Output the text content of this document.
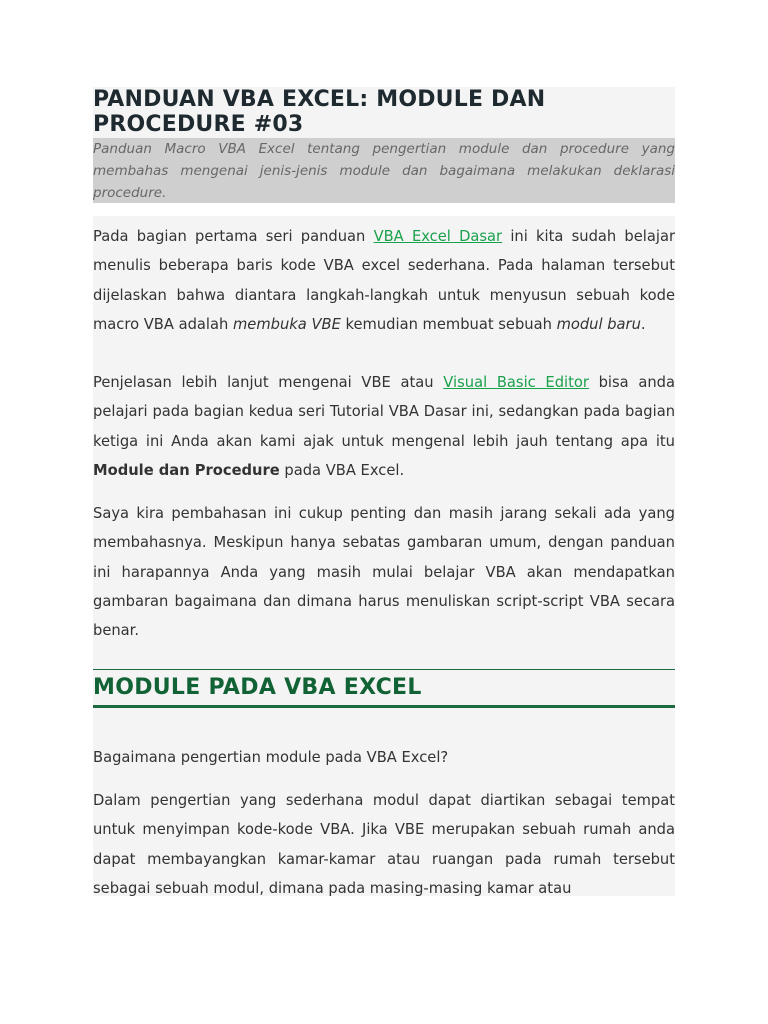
PANDUAN VBA EXCEL: MODULE DAN PROCEDURE #03

Panduan Macro VBA Excel tentang pengertian module dan procedure yang membahas mengenai jenis-jenis module dan bagaimana melakukan deklarasi procedure.

Pada bagian pertama seri panduan VBA Excel Dasar ini kita sudah belajar menulis beberapa baris kode VBA excel sederhana. Pada halaman tersebut dijelaskan bahwa diantara langkah-langkah untuk menyusun sebuah kode macro VBA adalah membuka VBE kemudian membuat sebuah modul baru.

Penjelasan lebih lanjut mengenai VBE atau Visual Basic Editor bisa anda pelajari pada bagian kedua seri Tutorial VBA Dasar ini, sedangkan pada bagian ketiga ini Anda akan kami ajak untuk mengenal lebih jauh tentang apa itu Module dan Procedure pada VBA Excel.

Saya kira pembahasan ini cukup penting dan masih jarang sekali ada yang membahasnya. Meskipun hanya sebatas gambaran umum, dengan panduan ini harapannya Anda yang masih mulai belajar VBA akan mendapatkan gambaran bagaimana dan dimana harus menuliskan script-script VBA secara benar.

MODULE PADA VBA EXCEL

Bagaimana pengertian module pada VBA Excel?

Dalam pengertian yang sederhana modul dapat diartikan sebagai tempat untuk menyimpan kode-kode VBA. Jika VBE merupakan sebuah rumah anda dapat membayangkan kamar-kamar atau ruangan pada rumah tersebut sebagai sebuah modul, dimana pada masing-masing kamar atau
